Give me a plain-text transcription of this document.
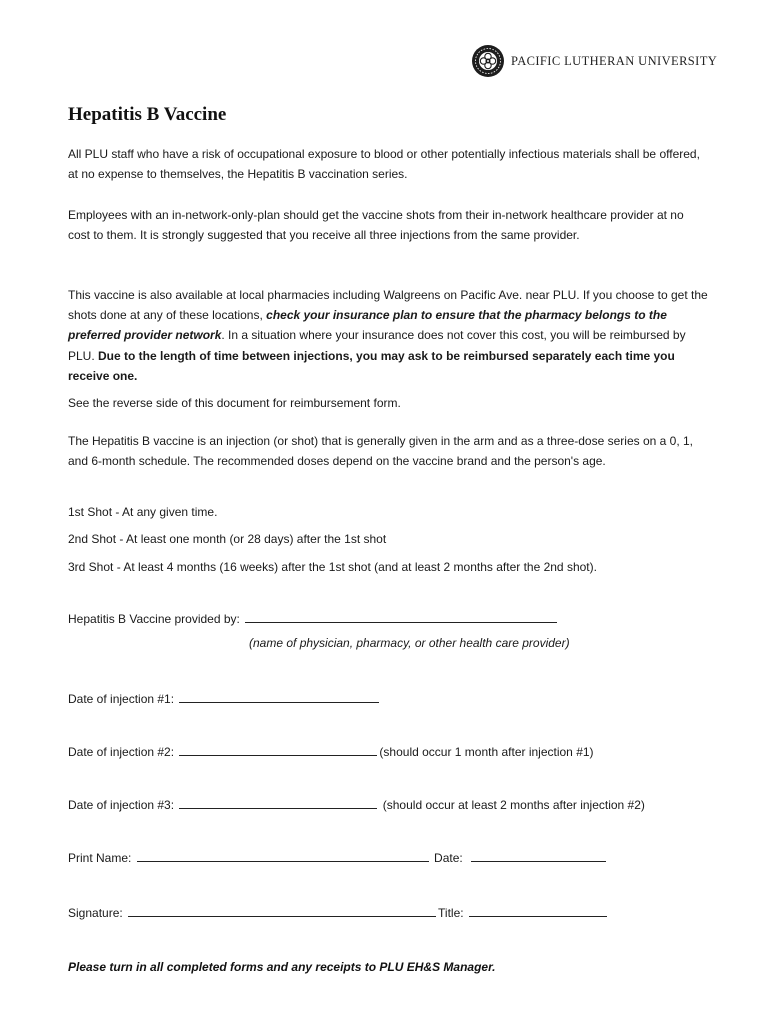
PACIFIC LUTHERAN UNIVERSITY
Hepatitis B Vaccine

All PLU staff who have a risk of occupational exposure to blood or other potentially infectious materials shall be offered, at no expense to themselves, the Hepatitis B vaccination series.

Employees with an in-network-only-plan should get the vaccine shots from their in-network healthcare provider at no cost to them. It is strongly suggested that you receive all three injections from the same provider.

This vaccine is also available at local pharmacies including Walgreens on Pacific Ave. near PLU. If you choose to get the shots done at any of these locations, check your insurance plan to ensure that the pharmacy belongs to the preferred provider network. In a situation where your insurance does not cover this cost, you will be reimbursed by PLU. Due to the length of time between injections, you may ask to be reimbursed separately each time you receive one.

See the reverse side of this document for reimbursement form.

The Hepatitis B vaccine is an injection (or shot) that is generally given in the arm and as a three-dose series on a 0, 1, and 6-month schedule. The recommended doses depend on the vaccine brand and the person's age.

1st Shot - At any given time.

2nd Shot - At least one month (or 28 days) after the 1st shot

3rd Shot - At least 4 months (16 weeks) after the 1st shot (and at least 2 months after the 2nd shot).

Hepatitis B Vaccine provided by:

(name of physician, pharmacy, or other health care provider)

Date of injection #1:

Date of injection #2:	(should occur 1 month after injection #1)

Date of injection #3:	(should occur at least 2 months after injection #2)

Print Name:	Date:

Signature:	Title:

Please turn in all completed forms and any receipts to PLU EH&S Manager.
